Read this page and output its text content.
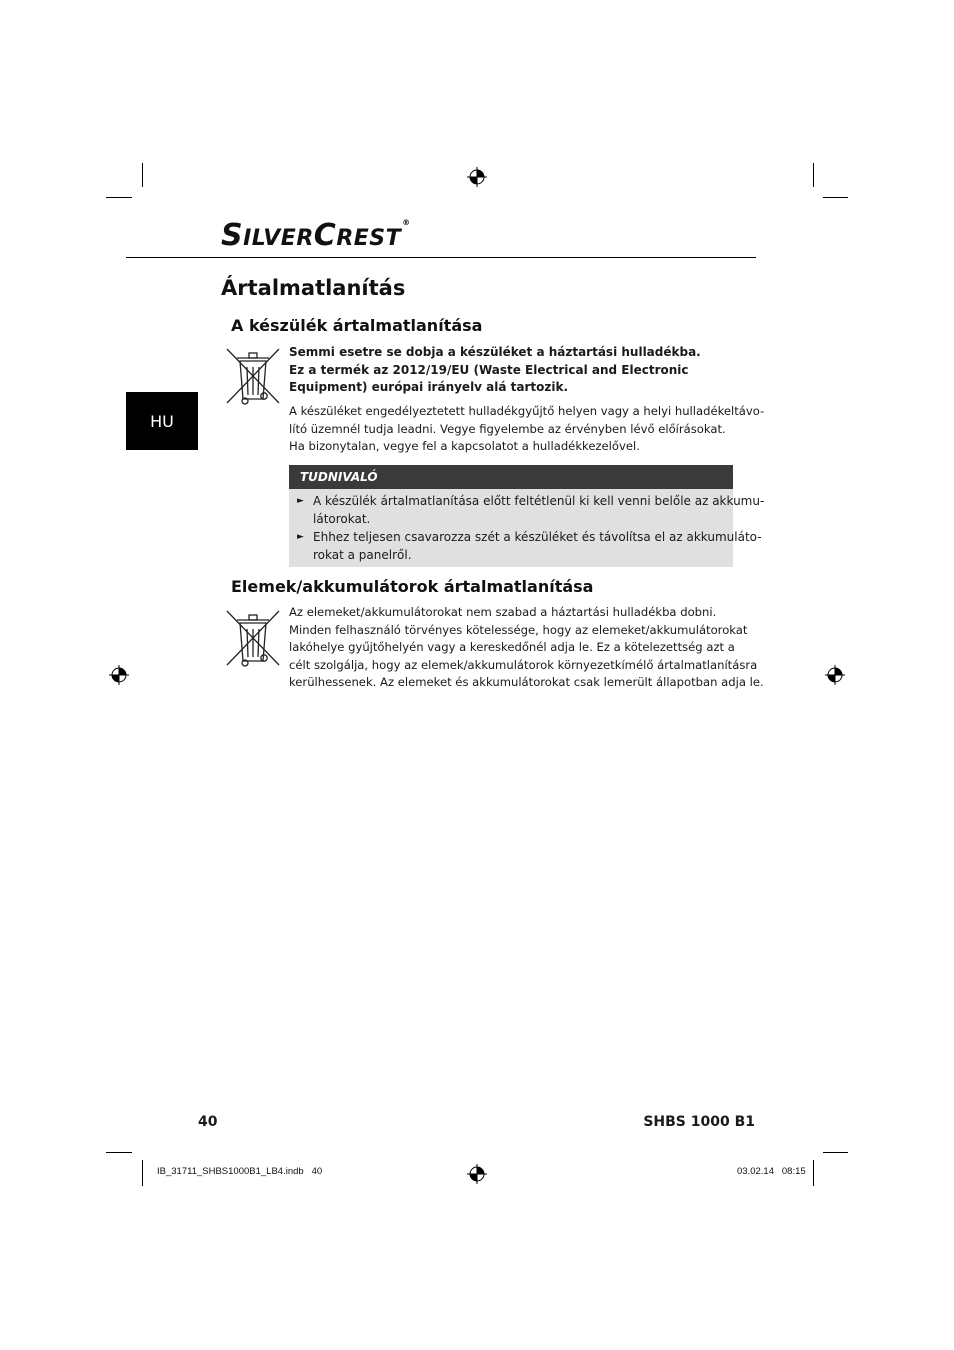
SILVERCREST®
HU
Ártalmatlanítás
A készülék ártalmatlanítása
Semmi esetre se dobja a készüléket a háztartási hulladékba.
Ez a termék az 2012/19/EU (Waste Electrical and Electronic
Equipment) európai irányelv alá tartozik.
A készüléket engedélyeztetett hulladékgyűjtő helyen vagy a helyi hulladékeltávo-
lító üzemnél tudja leadni. Vegye figyelembe az érvényben lévő előírásokat.
Ha bizonytalan, vegye fel a kapcsolatot a hulladékkezelővel.
TUDNIVALÓ
► A készülék ártalmatlanítása előtt feltétlenül ki kell venni belőle az akkumu-
látorokat.
► Ehhez teljesen csavarozza szét a készüléket és távolítsa el az akkumuláto-
rokat a panelről.
Elemek/akkumulátorok ártalmatlanítása
Az elemeket/akkumulátorokat nem szabad a háztartási hulladékba dobni.
Minden felhasználó törvényes kötelessége, hogy az elemeket/akkumulátorokat
lakóhelye gyűjtőhelyén vagy a kereskedőnél adja le. Ez a kötelezettség azt a
célt szolgálja, hogy az elemek/akkumulátorok környezetkímélő ártalmatlanításra
kerülhessenek. Az elemeket és akkumulátorokat csak lemerült állapotban adja le.
40	SHBS 1000 B1
IB_31711_SHBS1000B1_LB4.indb   40	03.02.14   08:15
